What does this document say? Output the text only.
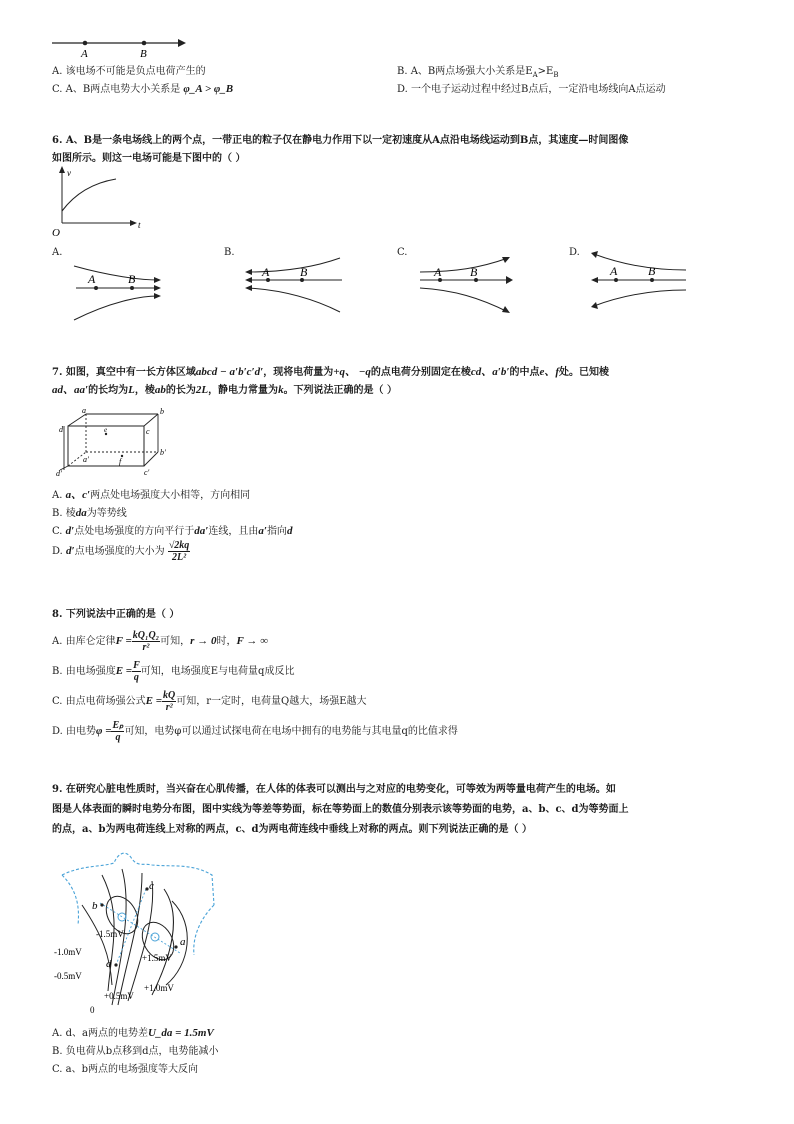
A	B
A. 该电场不可能是负点电荷产生的	B. A、B两点场强大小关系是$E_A>E_B$
C. A、B两点电势大小关系是 φ_A > φ_B	D. 一个电子运动过程中经过B点后，一定沿电场线向A点运动
6. A、B是一条电场线上的两个点，一带正电的粒子仅在静电力作用下以一定初速度从A点沿电场线运动到B点，其速度—时间图像
如图所示。则这一电场可能是下图中的（ ）
v
t
O
A.	B.	C.	D.
A	B	A	B	A B	A	B
7. 如图，真空中有一长方体区域abcd − a′b′c′d′，现将电荷量为+q、 −q的点电荷分别固定在棱cd、a′b′的中点e、f处。已知棱
ad、aa′的长均为L，棱ab的长为2L，静电力常量为k。下列说法正确的是（ ）
a	b
c
d
a′
b′
c′
d′
e
f
A. a、c′两点处电场强度大小相等，方向相同
B. 棱da为等势线
C. d′点处电场强度的方向平行于da′连线，且由a′指向d
D. d′点电场强度的大小为 $\frac{√2kq}{\text{2L²}}$
8. 下列说法中正确的是（ ）
A. 由库仑定律$F = \frac{\text{kQ₁Q₂}}{\text{r²}}$ 可知，r → 0时，F → ∞
B. 由电场强度$E = \frac{F}{q}$ 可知，电场强度E与电荷量q成反比
C. 由点电荷场强公式$E = \frac{kQ}{\text{r²}}$ 可知，r一定时，电荷量Q越大，场强E越大
D. 由电势$\varphi = \frac{\text{Eₚ}}{q}$ 可知，电势φ可以通过试探电荷在电场中拥有的电势能与其电量q的比值求得
9. 在研究心脏电性质时，当兴奋在心肌传播，在人体的体表可以测出与之对应的电势变化，可等效为两等量电荷产生的电场。如
图是人体表面的瞬时电势分布图，图中实线为等差等势面，标在等势面上的数值分别表示该等势面的电势，a、b、c、d为等势面上
的点，a、b为两电荷连线上对称的两点，c、d为两电荷连线中垂线上对称的两点。则下列说法正确的是（ ）
b
a
c
d
-1.5mV
-1.0mV
-0.5mV
+1.5mV
+1.0mV
+0.5mV
0
A. d、a两点的电势差U_da = 1.5mV
B. 负电荷从b点移到d点，电势能减小
C. a、b两点的电场强度等大反向
